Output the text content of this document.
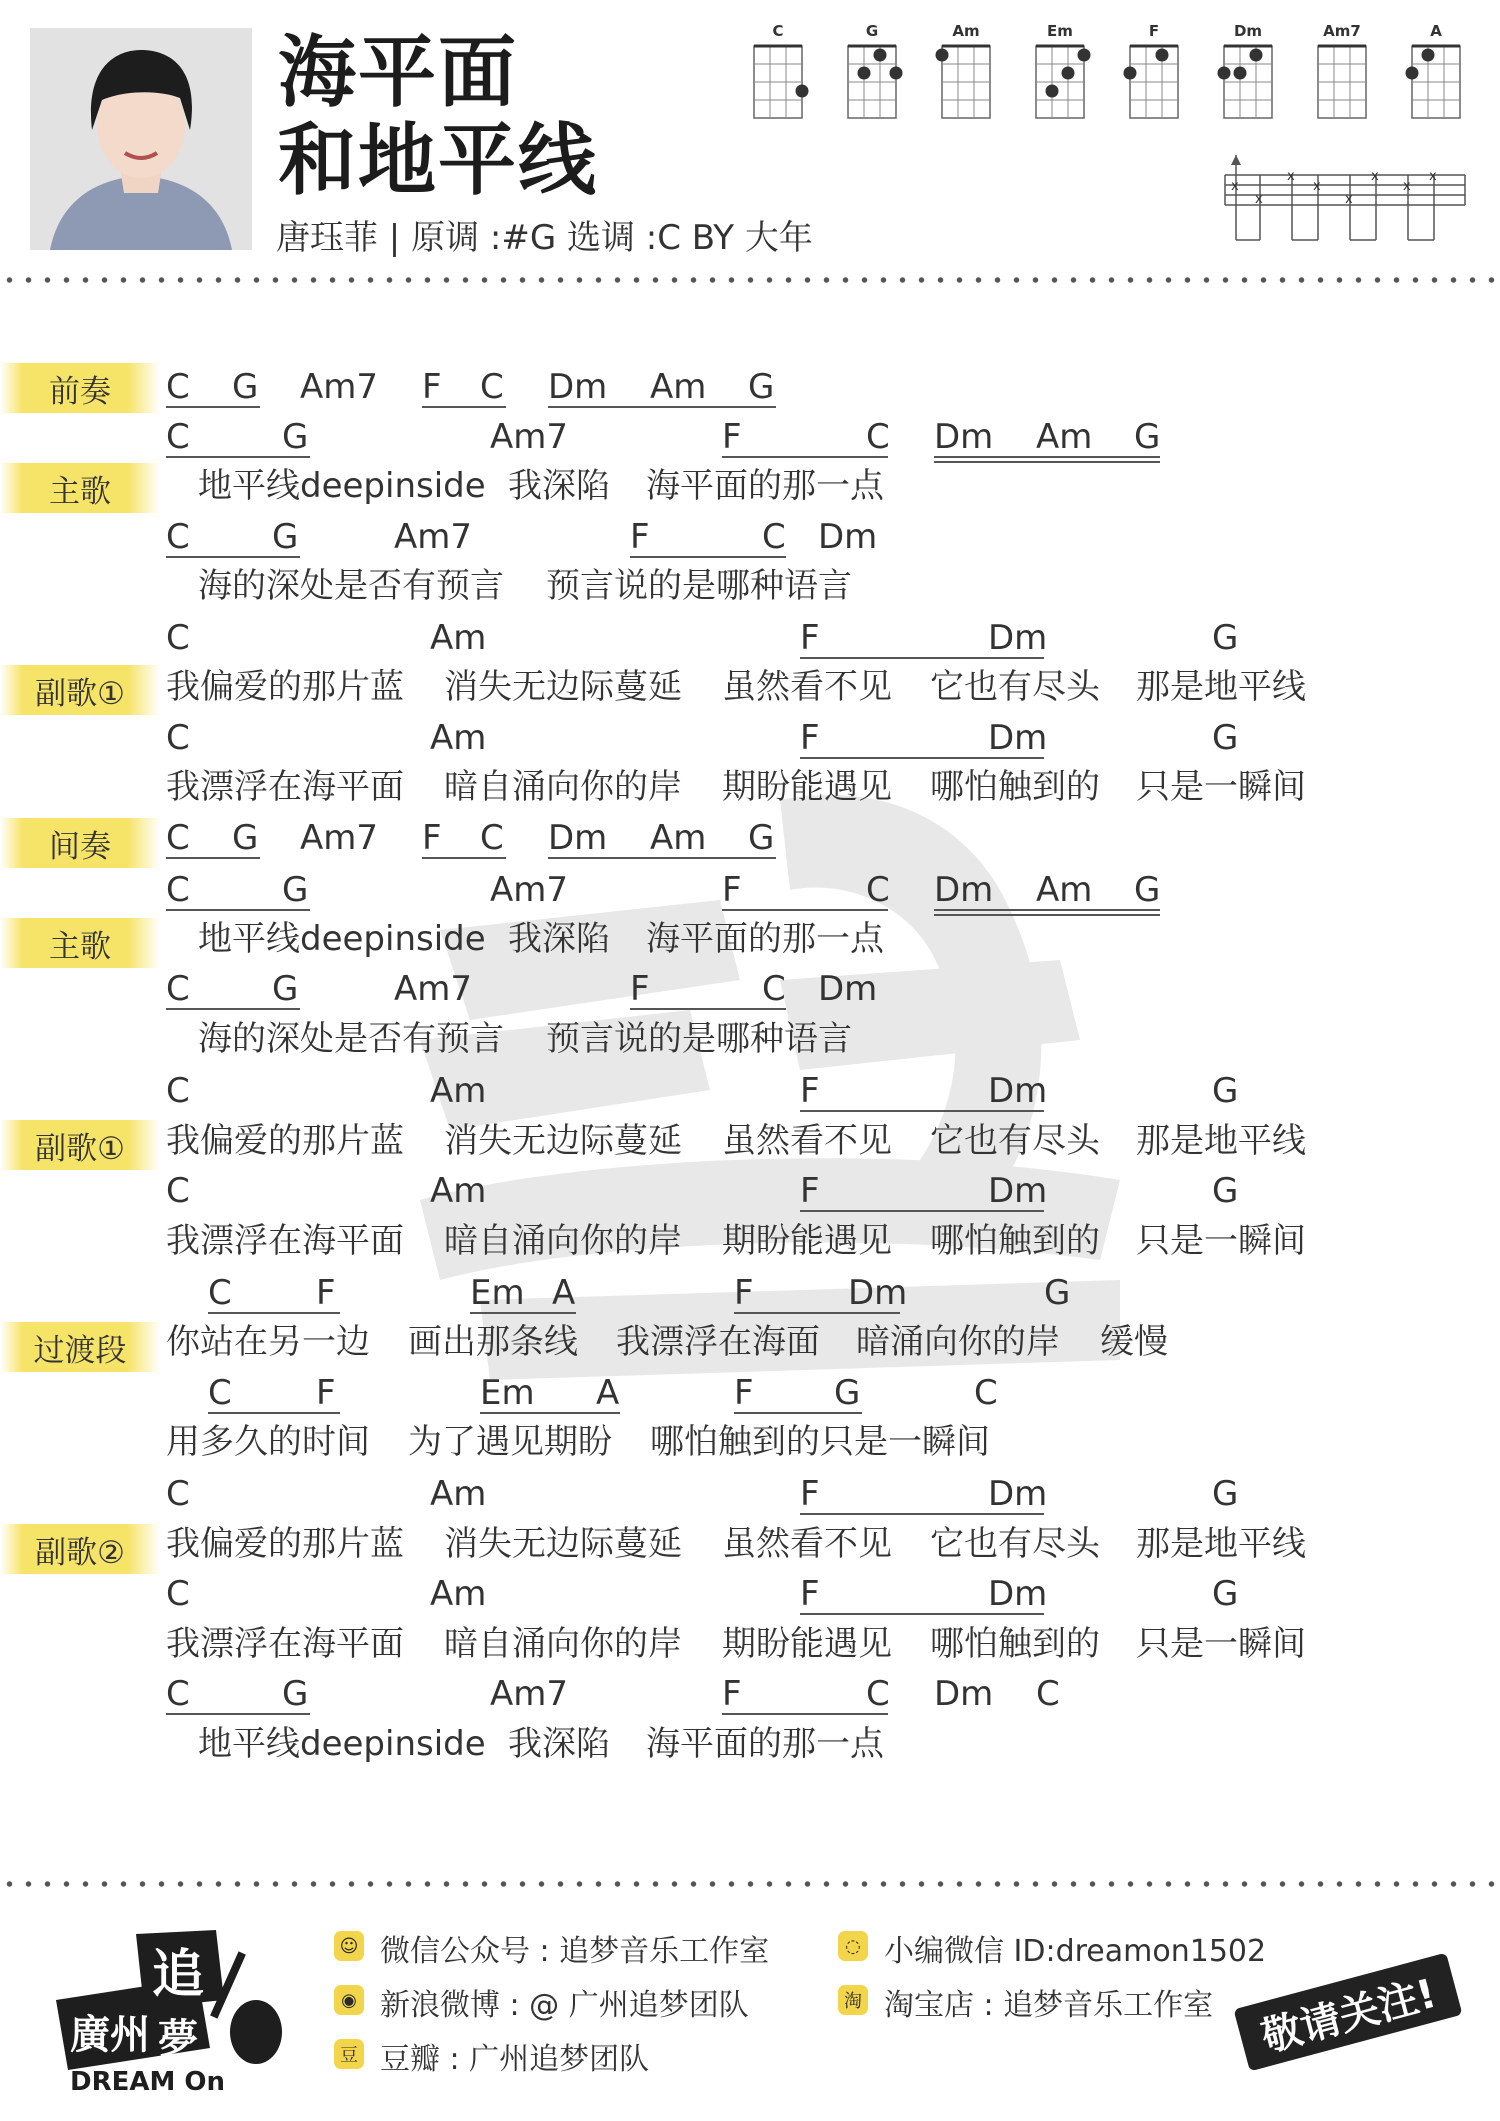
海平面
和地平线
唐珏菲 | 原调 :#G 选调 :C BY 大年
C	G	Am	Em	F	Dm	Am7	A
x
x
x
x
x
x
x
x
前奏
主歌
副歌①
间奏
主歌
副歌①
过渡段
副歌②
C G Am7 F C Dm Am G
C	G	Am7	F	C Dm Am G
地平线deepinside 我深陷 海平面的那一点
C G	Am7	F	C Dm
海的深处是否有预言 预言说的是哪种语言
C	Am	F	Dm	G
我偏爱的那片蓝 消失无边际蔓延 虽然看不见 它也有尽头 那是地平线
C	Am	F	Dm	G
我漂浮在海平面 暗自涌向你的岸 期盼能遇见 哪怕触到的 只是一瞬间
C G Am7 F C Dm Am G
C	G	Am7	F	C Dm Am G
地平线deepinside 我深陷 海平面的那一点
C G	Am7	F	C Dm
海的深处是否有预言 预言说的是哪种语言
C	Am	F	Dm	G
我偏爱的那片蓝 消失无边际蔓延 虽然看不见 它也有尽头 那是地平线
C	Am	F	Dm	G
我漂浮在海平面 暗自涌向你的岸 期盼能遇见 哪怕触到的 只是一瞬间
C F	Em A	F	Dm	G
你站在另一边 画出那条线 我漂浮在海面 暗涌向你的岸 缓慢
C F	Em A	F G	C
用多久的时间 为了遇见期盼 哪怕触到的只是一瞬间
C	Am	F	Dm	G
我偏爱的那片蓝 消失无边际蔓延 虽然看不见 它也有尽头 那是地平线
C	Am	F	Dm	G
我漂浮在海平面 暗自涌向你的岸 期盼能遇见 哪怕触到的 只是一瞬间
C	G	Am7	F	C Dm C
地平线deepinside 我深陷 海平面的那一点
追
廣州 夢
DREAM On
☺ 微信公众号 : 追梦音乐工作室
◉ 新浪微博 : @ 广州追梦团队
豆 豆瓣 : 广州追梦团队
◌ 小编微信 ID:dreamon1502
淘 淘宝店 : 追梦音乐工作室	敬请关注!
